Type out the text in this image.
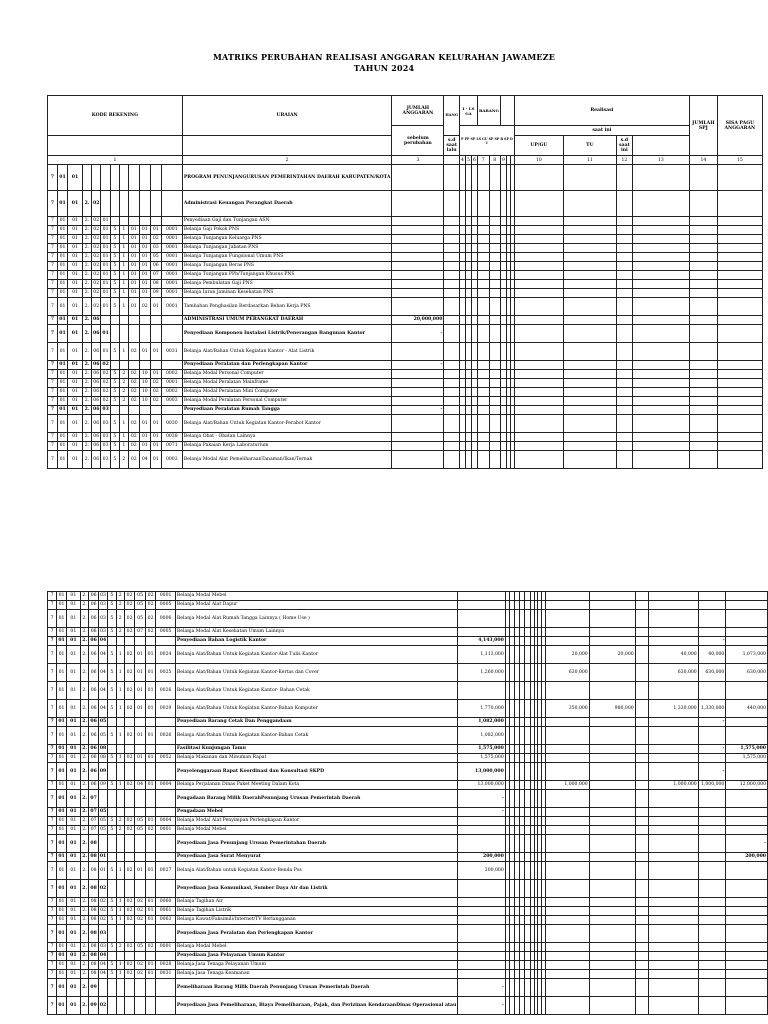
MATRIKS PERUBAHAN REALISASI ANGGARAN KELURAHAN JAWAMEZE
TAHUN 2024
KODE REKENING												URAIAN	JUMLAH ANGGARAN	HANG	I - LS GA			BARANG					Realisasi				JUMLAH SPJ	SISA PAGU ANGGARAN
													sebelum perubahan		P PP SP LS GU SP SP B SP D I								saat ini					
														s.d saat lalu									UP/GU	TU	s.d saat ini			
1												2	3		4	5	6	7	8	9			10	11	12	13	14	15
7	01	01										PROGRAM PENUNJANGURUSAN PEMERINTAHAN DAERAH KABUPATEN/KOTA																
7	01	01	2.	02								Administrasi Keuangan Perangkat Daerah																
7	01	01	2.	02	01							Penyediaan Gaji dan Tunjangan ASN																
7	01	01	2.	02	01	5	1	01	01	01	0001	Belanja Gaji Pokok PNS																
7	01	01	2.	02	01	5	1	01	01	02	0001	Belanja Tunjangan Keluarga PNS																
7	01	01	2.	02	01	5	1	01	01	03	0001	Belanja Tunjangan Jabatan PNS																
7	01	01	2.	02	01	5	1	01	01	05	0001	Belanja Tunjangan Fungsional Umum PNS																
7	01	01	2.	02	01	5	1	01	01	06	0001	Belanja Tunjangan Beras PNS																
7	01	01	2.	02	01	5	1	01	01	07	0001	Belanja Tunjangan PPh/Tunjangan Khusus PNS																
7	01	01	2.	02	01	5	1	01	01	08	0001	Belanja Pembulatan Gaji PNS																
7	01	01	2.	02	01	5	1	01	01	09	0001	Belanja Iuran Jaminan Kesehatan PNS																
7	01	01	2.	02	01	5	1	01	02	01	0001	Tambahan Penghasilan Berdasarkan Beban Kerja PNS																
7	01	01	2.	06								ADMINISTRASI UMUM PERANGKAT DAERAH	20,000,000															
7	01	01	2.	06	01							Penyediaan Komponen Instalasi Listrik/Penerangan Bangunan Kantor	-															
7	01	01	2.	06	01	5	1	02	01	01	0031	Belanja Alat/Bahan Untuk Kegiatan Kantor - Alat Listrik																
7	01	01	2.	06	02							Penyediaan Peralatan dan Perlengkapan Kantor	-															
7	01	01	2.	06	02	5	2	02	10	01	0002	Belanja Modal Personal Computer																
7	01	01	2.	06	02	5	2	02	10	02	0001	Belanja Modal Peralatan Mainframe																
7	01	01	2.	06	02	5	2	02	10	02	0002	Belanja Modal Peralatan Mini Computer																
7	01	01	2.	06	02	5	2	02	10	02	0003	Belanja Modal Peralatan Personal Computer																
7	01	01	2.	06	03							Penyediaan Peralatan Rumah Tangga	-															
7	01	01	2.	06	03	5	1	02	01	01	0030	Belanja Alat/Bahan Untuk Kegiatan Kantor-Perabot Kantor																
7	01	01	2.	06	03	5	1	02	01	01	0038	Belanja Obat - Obatan Lainnya																
7	01	01	2.	06	03	5	1	02	01	01	0071	Belanja Pakaian Kerja Laboraturium																
7	01	01	2.	06	03	5	2	02	04	01	0002	Belanja Modal Alat PemeliharaanTanaman/Ikan/Ternak																
7	01	01	2.	06	03	5	2	02	05	02	0001	Belanja Modal Mebel																
7	01	01	2.	06	03	5	2	02	05	02	0005	Belanja Modal Alat Dapur																
7	01	01	2.	06	03	5	2	02	05	02	0006	Belanja Modal Alat Rumah Tangga Lainnya ( Home Use )																
7	01	01	2.	06	03	5	2	02	07	02	0005	Belanja Modal Alat Kesehatan Umum Lainnya																
7	01	01	2.	06	04							Penyediaan Bahan Logistik Kantor	4,143,000														-	
7	01	01	2.	06	04	5	1	02	01	01	0024	Belanja Alat/Bahan Untuk Kegiatan Kantor-Alat Tulis Kantor	1,113,000										20,000	20,000		40,000	40,000	1,073,000
7	01	01	2.	06	04	5	1	02	01	01	0025	Belanja Alat/Bahan Untuk Kegiatan Kantor-Kertas dan Cover	1,260,000										630,000			630,000	630,000	630,000
7	01	01	2.	06	04	5	1	02	01	01	0026	Belanja Alat/Bahan Untuk Kegiatan Kantor- Bahan Cetak																
7	01	01	2.	06	04	5	1	02	01	01	0029	Belanja Alat/Bahan Untuk Kegiatan Kantor-Bahan Komputer	1,770,000										350,000	980,000		1,330,000	1,330,000	440,000
7	01	01	2.	06	05							Penyediaan Barang Cetak Dan Penggandaan	1,082,000														-	
7	01	01	2.	06	05	5	1	02	01	01	0026	Belanja Alat/Bahan Untuk Kegiatan Kantor-Bahan Cetak	1,082,000															
7	01	01	2.	06	08							Fasilitasi Kunjungan Tamu	1,575,000														-	1,575,000
7	01	01	2.	06	08	5	1	02	01	01	0052	Belanja Makanan dan Minuman Rapat	1,575,000															1,575,000
7	01	01	2.	06	09							Penyelenggaraan Rapat Koordinasi dan Konsultasi SKPD	13,000,000														-	
7	01	01	2.	06	09	5	1	02	04	01	0004	Belanja Perjalanan Dinas Paket Meeting Dalam Kota	13,000,000										1,000,000			1,000,000	1,000,000	12,000,000
7	01	01	2.	07								Pengadaan Barang Milik DaerahPenunjang Urusan Pemerintah Daerah	-															
7	01	01	2.	07	05							Pengadaan Mebel	-															
7	01	01	2.	07	05	5	2	02	05	01	0004	Belanja Modal Alat Penyimpan Perlengkapan Kantor																
7	01	01	2.	07	05	5	2	02	05	02	0001	Belanja Modal Mebel																
7	01	01	2.	08								Penyediaan Jasa Penunjang Urusan Pemerintahan Daerah																-
7	01	01	2.	08	01							Penyediaan Jasa Surat Menyurat	200,000															200,000
7	01	01	2.	08	01	5	1	02	01	01	0027	Belanja Alat/Bahan untuk Kegiatan Kantor-Benda Pos	200,000															
7	01	01	2.	08	02							Penyediaan Jasa Komunikasi, Sumber Daya Air dan Listrik																
7	01	01	2.	08	02	5	1	02	02	01	0060	Belanja Tagihan Air																
7	01	01	2.	08	02	5	1	02	02	01	0061	Belanja Tagihan Listrik																
7	01	01	2.	08	02	5	1	02	02	01	0063	Belanja Kawat/Faksimili/Internet/TV Berlangganan																
7	01	01	2.	08	03							Penyediaan Jasa Peralatan dan Perlengkapan Kantor																
7	01	01	2.	08	03	5	2	02	05	02	0001	Belanja Modal Mebel																
7	01	01	2.	08	04							Penyediaan Jasa Pelayanan Umum Kantor																
7	01	01	2.	08	04	5	1	02	02	01	0028	Belanja Jasa Tenaga Pelayanan Umum																
7	01	01	2.	08	04	5	1	02	02	01	0031	Belanja Jasa Tenaga Keamanan																
7	01	01	2.	09								Pemeliharaan Barang Milik Daerah Penunjang Urusan Pemerintah Daerah	-															
7	01	01	2.	09	02							Penyediaan Jasa Pemeliharaan, Biaya Pemeliharaan, Pajak, dan Perizinan KendaraanDinas Operasional atau	-															
